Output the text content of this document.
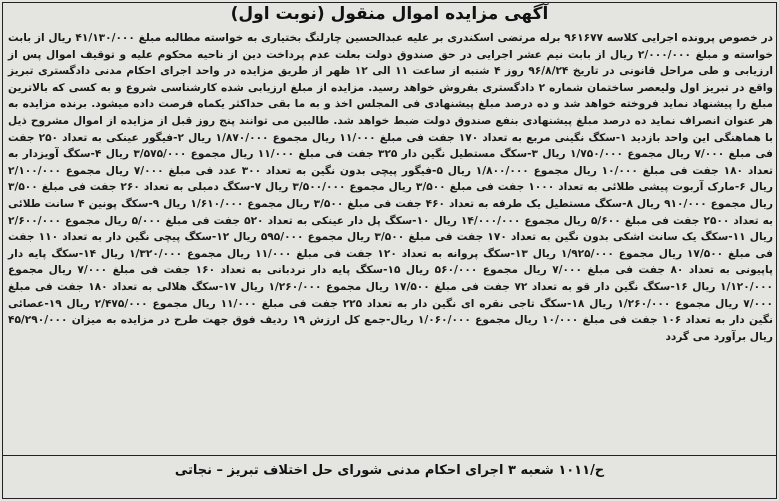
آگهی مزایده اموال منقول (نوبت اول)
در خصوص پرونده اجرایی کلاسه ۹۶۱۶۷۷ برله مرتضی اسکندری بر علیه عبدالحسین چارلنگ بختیاری به خواسته مطالبه مبلغ ۴۱/۱۳۰/۰۰۰ ریال از بابت خواسته و مبلغ ۲/۰۰۰/۰۰۰ ریال از بابت نیم عشر اجرایی در حق صندوق دولت بعلت عدم پرداخت دین از ناحیه محکوم علیه و توقیف اموال پس از ارزیابی و طی مراحل قانونی در تاریخ ۹۶/۸/۲۴ روز ۴ شنبه از ساعت ۱۱ الی ۱۲ ظهر از طریق مزایده در واحد اجرای احکام مدنی دادگستری تبریز واقع در تبریز اول ولیعصر ساختمان شماره ۲ دادگستری بفروش خواهد رسید. مزایده از مبلغ ارزیابی شده کارشناسی شروع و به کسی که بالاترین مبلغ را پیشنهاد نماید فروخته خواهد شد و ده درصد مبلغ پیشنهادی فی المجلس اخذ و به ما بقی حداکثر یکماه فرصت داده میشود. برنده مزایده به هر عنوان انصراف نماید ده درصد مبلغ پیشنهادی بنفع صندوق دولت ضبط خواهد شد. طالبین می توانند پنج روز قبل از مزایده از اموال مشروح ذیل با هماهنگی این واحد بازدید ۱-سکگ نگینی مربع به تعداد ۱۷۰ جفت فی مبلغ ۱۱/۰۰۰ ریال مجموع ۱/۸۷۰/۰۰۰ ریال ۲-فیگور عینکی به تعداد ۲۵۰ جفت فی مبلغ ۷/۰۰۰ ریال مجموع ۱/۷۵۰/۰۰۰ ریال ۳-سکگ مستطیل نگین دار ۳۲۵ جفت فی مبلغ ۱۱/۰۰۰ ریال مجموع ۳/۵۷۵/۰۰۰ ریال ۴-سکگ آویزدار به تعداد ۱۸۰ جفت فی مبلغ ۱۰/۰۰۰ ریال مجموع ۱/۸۰۰/۰۰۰ ریال ۵-فیگور پیچی بدون نگین به تعداد ۳۰۰ عدد فی مبلغ ۷/۰۰۰ ریال مجموع ۲/۱۰۰/۰۰۰ ریال ۶-مارک آربوت پیشی طلائی به تعداد ۱۰۰۰ جفت فی مبلغ ۳/۵۰۰ ریال مجموع ۳/۵۰۰/۰۰۰ ریال ۷-سکگ دمبلی به تعداد ۲۶۰ جفت فی مبلغ ۳/۵۰۰ ریال مجموع ۹۱۰/۰۰۰ ریال ۸-سکگ مستطیل یک طرفه به تعداد ۴۶۰ جفت فی مبلغ ۳/۵۰۰ ریال مجموع ۱/۶۱۰/۰۰۰ ریال ۹-سکگ پونین ۴ سانت طلائی به تعداد ۲۵۰۰ جفت فی مبلغ ۵/۶۰۰ ریال مجموع ۱۴/۰۰۰/۰۰۰ ریال ۱۰-سکگ پل دار عینکی به تعداد ۵۲۰ جفت فی مبلغ ۵/۰۰۰ ریال مجموع ۲/۶۰۰/۰۰۰ ریال ۱۱-سکگ یک سانت اشکی بدون نگین به تعداد ۱۷۰ جفت فی مبلغ ۳/۵۰۰ ریال مجموع ۵۹۵/۰۰۰ ریال ۱۲-سکگ پیچی نگین دار به تعداد ۱۱۰ جفت فی مبلغ ۱۷/۵۰۰ ریال مجموع ۱/۹۲۵/۰۰۰ ریال ۱۳-سکگ پروانه به تعداد ۱۲۰ جفت فی مبلغ ۱۱/۰۰۰ ریال مجموع ۱/۳۲۰/۰۰۰ ریال ۱۴-سکگ پایه دار پاپیونی به تعداد ۸۰ جفت فی مبلغ ۷/۰۰۰ ریال مجموع ۵۶۰/۰۰۰ ریال ۱۵-سکگ پایه دار نردبانی به تعداد ۱۶۰ جفت فی مبلغ ۷/۰۰۰ ریال مجموع ۱/۱۲۰/۰۰۰ ریال ۱۶-سکگ نگین دار قو به تعداد ۷۲ جفت فی مبلغ ۱۷/۵۰۰ ریال مجموع ۱/۲۶۰/۰۰۰ ریال ۱۷-سکگ هلالی به تعداد ۱۸۰ جفت فی مبلغ ۷/۰۰۰ ریال مجموع ۱/۲۶۰/۰۰۰ ریال ۱۸-سکگ تاجی نقره ای نگین دار به تعداد ۲۲۵ جفت فی مبلغ ۱۱/۰۰۰ ریال مجموع ۲/۴۷۵/۰۰۰ ریال ۱۹-عصائی نگین دار به تعداد ۱۰۶ جفت فی مبلغ ۱۰/۰۰۰ ریال مجموع ۱/۰۶۰/۰۰۰ ریال-جمع کل ارزش ۱۹ ردیف فوق جهت طرح در مزایده به میزان ۴۵/۲۹۰/۰۰۰ ریال برآورد می گردد
ح/۱۰۱۱ شعبه ۳ اجرای احکام مدنی شورای حل اختلاف تبریز – نجاتی
